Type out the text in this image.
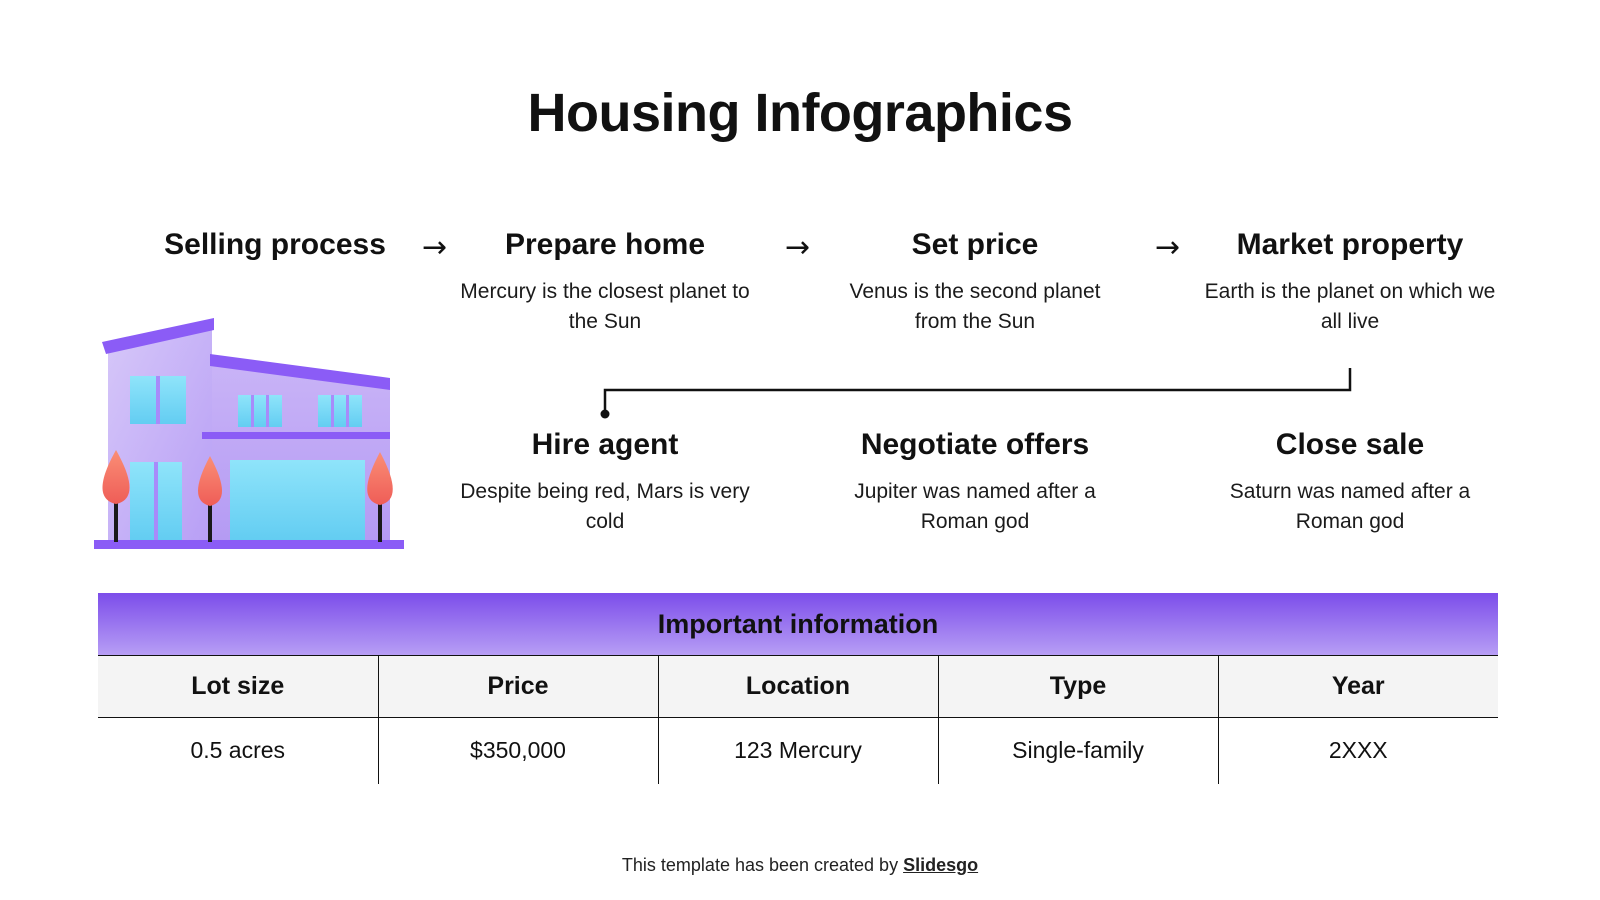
Housing Infographics
Selling process	→	Prepare home
Mercury is the closest planet to the Sun
→	Set price
Venus is the second planet from the Sun
→	Market property
Earth is the planet on which we all live
Hire agent
Despite being red, Mars is very cold
Negotiate offers
Jupiter was named after a Roman god
Close sale
Saturn was named after a Roman god
Important information
Lot size	Price	Location	Type	Year
0.5 acres	$350,000	123 Mercury	Single-family	2XXX
This template has been created by Slidesgo
